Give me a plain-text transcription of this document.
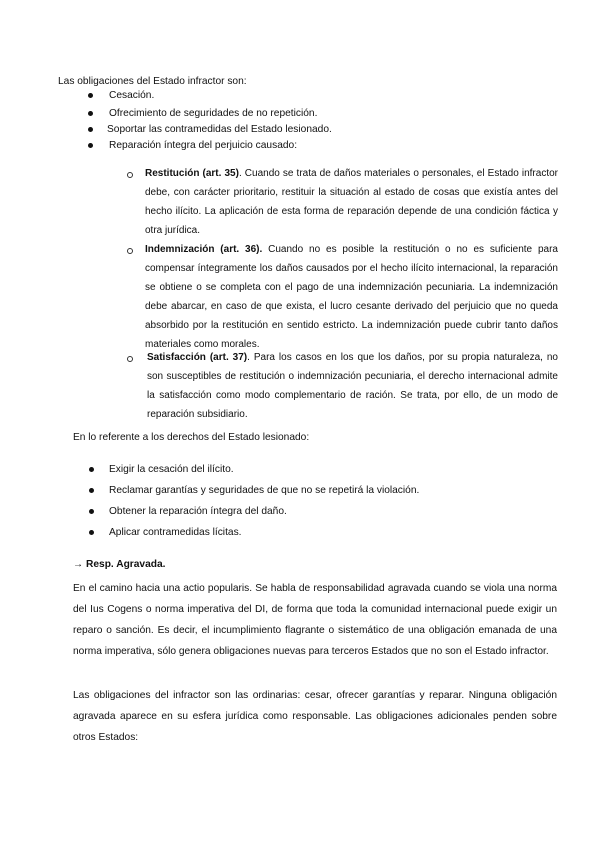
Las obligaciones del Estado infractor son:
Cesación.
Ofrecimiento de seguridades de no repetición.
Soportar las contramedidas del Estado lesionado.
Reparación íntegra del perjuicio causado:
Restitución (art. 35). Cuando se trata de daños materiales o personales, el Estado infractor debe, con carácter prioritario, restituir la situación al estado de cosas que existía antes del hecho ilícito. La aplicación de esta forma de reparación depende de una condición fáctica y otra jurídica.
Indemnización (art. 36). Cuando no es posible la restitución o no es suficiente para compensar íntegramente los daños causados por el hecho ilícito internacional, la reparación se obtiene o se completa con el pago de una indemnización pecuniaria. La indemnización debe abarcar, en caso de que exista, el lucro cesante derivado del perjuicio que no queda absorbido por la restitución en sentido estricto. La indemnización puede cubrir tanto daños materiales como morales.
Satisfacción (art. 37). Para los casos en los que los daños, por su propia naturaleza, no son susceptibles de restitución o indemnización pecuniaria, el derecho internacional admite la satisfacción como modo complementario de ración. Se trata, por ello, de un modo de reparación subsidiario.
En lo referente a los derechos del Estado lesionado:
Exigir la cesación del ilícito.
Reclamar garantías y seguridades de que no se repetirá la violación.
Obtener la reparación íntegra del daño.
Aplicar contramedidas lícitas.
→ Resp. Agravada.
En el camino hacia una actio popularis. Se habla de responsabilidad agravada cuando se viola una norma del Ius Cogens o norma imperativa del DI, de forma que toda la comunidad internacional puede exigir un reparo o sanción. Es decir, el incumplimiento flagrante o sistemático de una obligación emanada de una norma imperativa, sólo genera obligaciones nuevas para terceros Estados que no son el Estado infractor.
Las obligaciones del infractor son las ordinarias: cesar, ofrecer garantías y reparar. Ninguna obligación agravada aparece en su esfera jurídica como responsable. Las obligaciones adicionales penden sobre otros Estados:
